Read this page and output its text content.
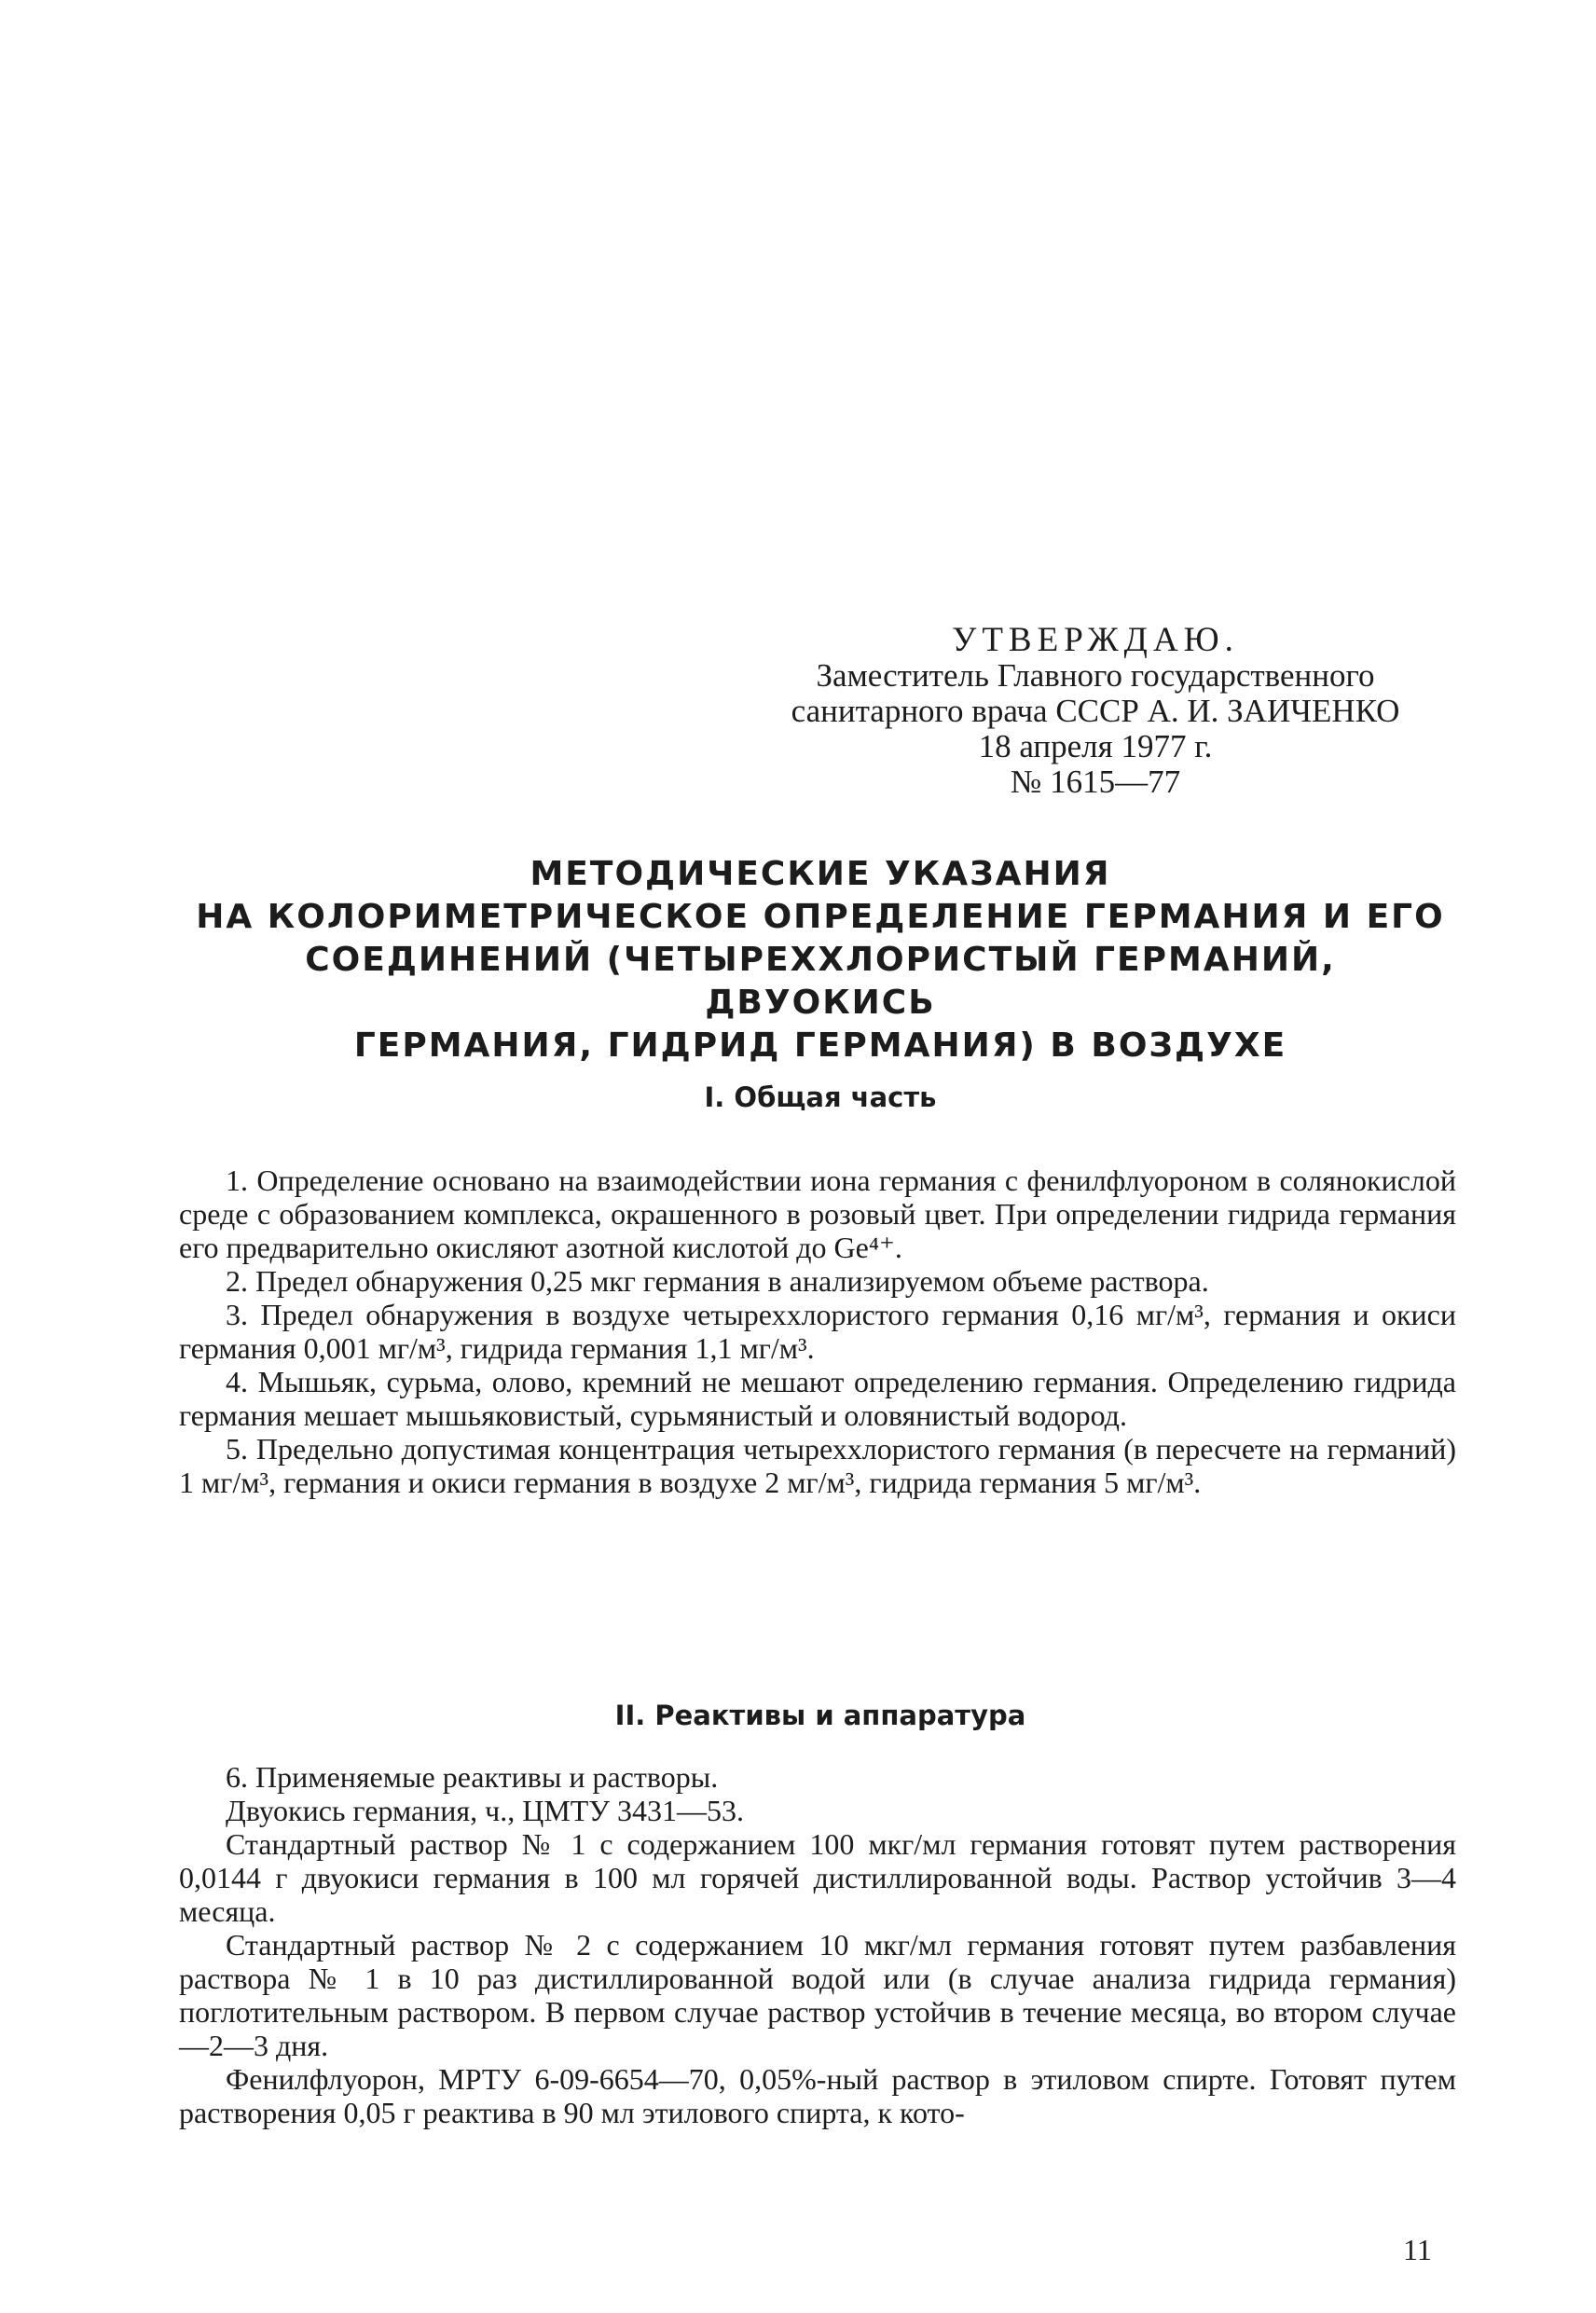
УТВЕРЖДАЮ.
Заместитель Главного государственного
санитарного врача СССР А. И. ЗАИЧЕНКО
18 апреля 1977 г.
№ 1615—77
МЕТОДИЧЕСКИЕ УКАЗАНИЯ
НА КОЛОРИМЕТРИЧЕСКОЕ ОПРЕДЕЛЕНИЕ ГЕРМАНИЯ И ЕГО
СОЕДИНЕНИЙ (ЧЕТЫРЕХХЛОРИСТЫЙ ГЕРМАНИЙ, ДВУОКИСЬ
ГЕРМАНИЯ, ГИДРИД ГЕРМАНИЯ) В ВОЗДУХЕ
I. Общая часть

1. Определение основано на взаимодействии иона германия с фенилфлуороном в солянокислой среде с образованием комплекса, окрашенного в розовый цвет. При определении гидрида германия его предварительно окисляют азотной кислотой до Ge⁴⁺.

2. Предел обнаружения 0,25 мкг германия в анализируемом объеме раствора.

3. Предел обнаружения в воздухе четыреххлористого германия 0,16 мг/м³, германия и окиси германия 0,001 мг/м³, гидрида германия 1,1 мг/м³.

4. Мышьяк, сурьма, олово, кремний не мешают определению германия. Определению гидрида германия мешает мышьяковистый, сурьмянистый и оловянистый водород.

5. Предельно допустимая концентрация четыреххлористого германия (в пересчете на германий) 1 мг/м³, германия и окиси германия в воздухе 2 мг/м³, гидрида германия 5 мг/м³.

II. Реактивы и аппаратура

6. Применяемые реактивы и растворы.

Двуокись германия, ч., ЦМТУ 3431—53.

Стандартный раствор № 1 с содержанием 100 мкг/мл германия готовят путем растворения 0,0144 г двуокиси германия в 100 мл горячей дистиллированной воды. Раствор устойчив 3—4 месяца.

Стандартный раствор № 2 с содержанием 10 мкг/мл германия готовят путем разбавления раствора № 1 в 10 раз дистиллированной водой или (в случае анализа гидрида германия) поглотительным раствором. В первом случае раствор устойчив в течение месяца, во втором случае—2—3 дня.

Фенилфлуорон, МРТУ 6-09-6654—70, 0,05%-ный раствор в этиловом спирте. Готовят путем растворения 0,05 г реактива в 90 мл этилового спирта, к кото-

11
